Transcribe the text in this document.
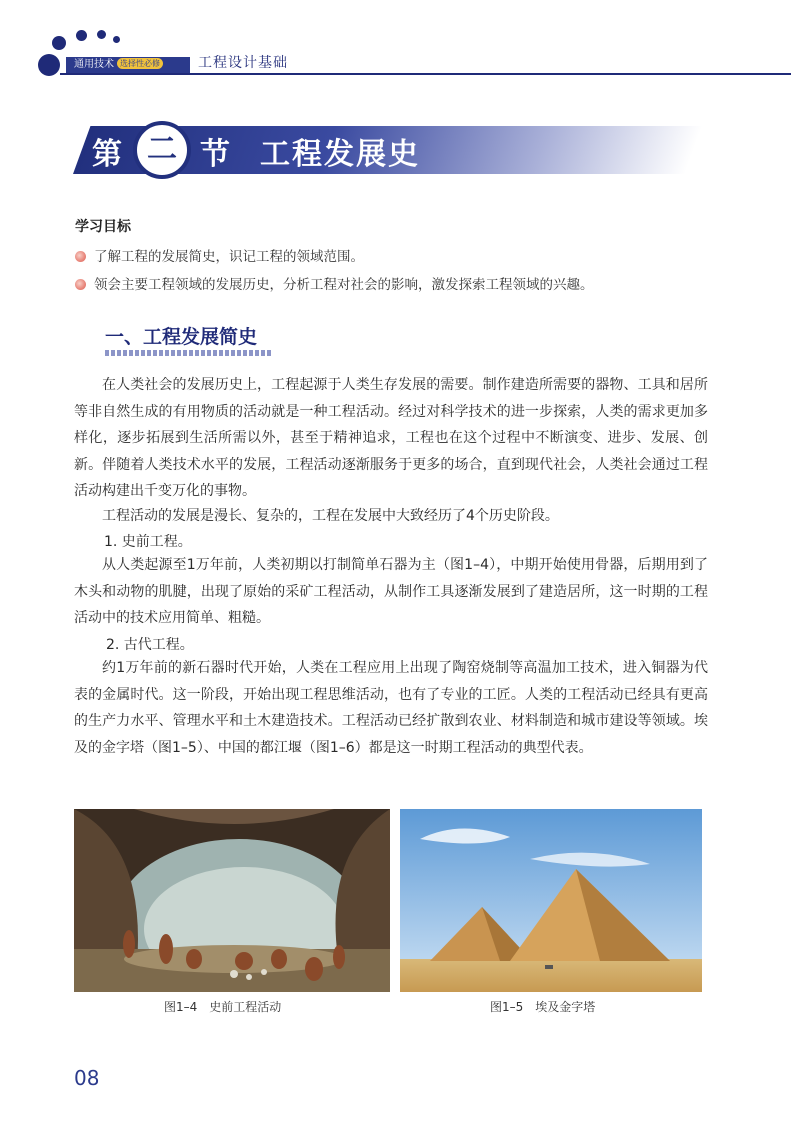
通用技术 选择性必修	工程设计基础
第 二 节 工程发展史
学习目标
了解工程的发展简史，识记工程的领域范围。
领会主要工程领域的发展历史，分析工程对社会的影响，激发探索工程领域的兴趣。
一、工程发展简史
在人类社会的发展历史上，工程起源于人类生存发展的需要。制作建造所需要的器物、工具和居所等非自然生成的有用物质的活动就是一种工程活动。经过对科学技术的进一步探索，人类的需求更加多样化，逐步拓展到生活所需以外，甚至于精神追求，工程也在这个过程中不断演变、进步、发展、创新。伴随着人类技术水平的发展，工程活动逐渐服务于更多的场合，直到现代社会，人类社会通过工程活动构建出千变万化的事物。
工程活动的发展是漫长、复杂的，工程在发展中大致经历了4个历史阶段。
1. 史前工程。
从人类起源至1万年前，人类初期以打制简单石器为主（图1–4），中期开始使用骨器，后期用到了木头和动物的肌腱，出现了原始的采矿工程活动，从制作工具逐渐发展到了建造居所，这一时期的工程活动中的技术应用简单、粗糙。
2. 古代工程。
约1万年前的新石器时代开始，人类在工程应用上出现了陶窑烧制等高温加工技术，进入铜器为代表的金属时代。这一阶段，开始出现工程思维活动，也有了专业的工匠。人类的工程活动已经具有更高的生产力水平、管理水平和土木建造技术。工程活动已经扩散到农业、材料制造和城市建设等领域。埃及的金字塔（图1–5）、中国的都江堰（图1–6）都是这一时期工程活动的典型代表。
图1–4　史前工程活动	图1–5　埃及金字塔
08
